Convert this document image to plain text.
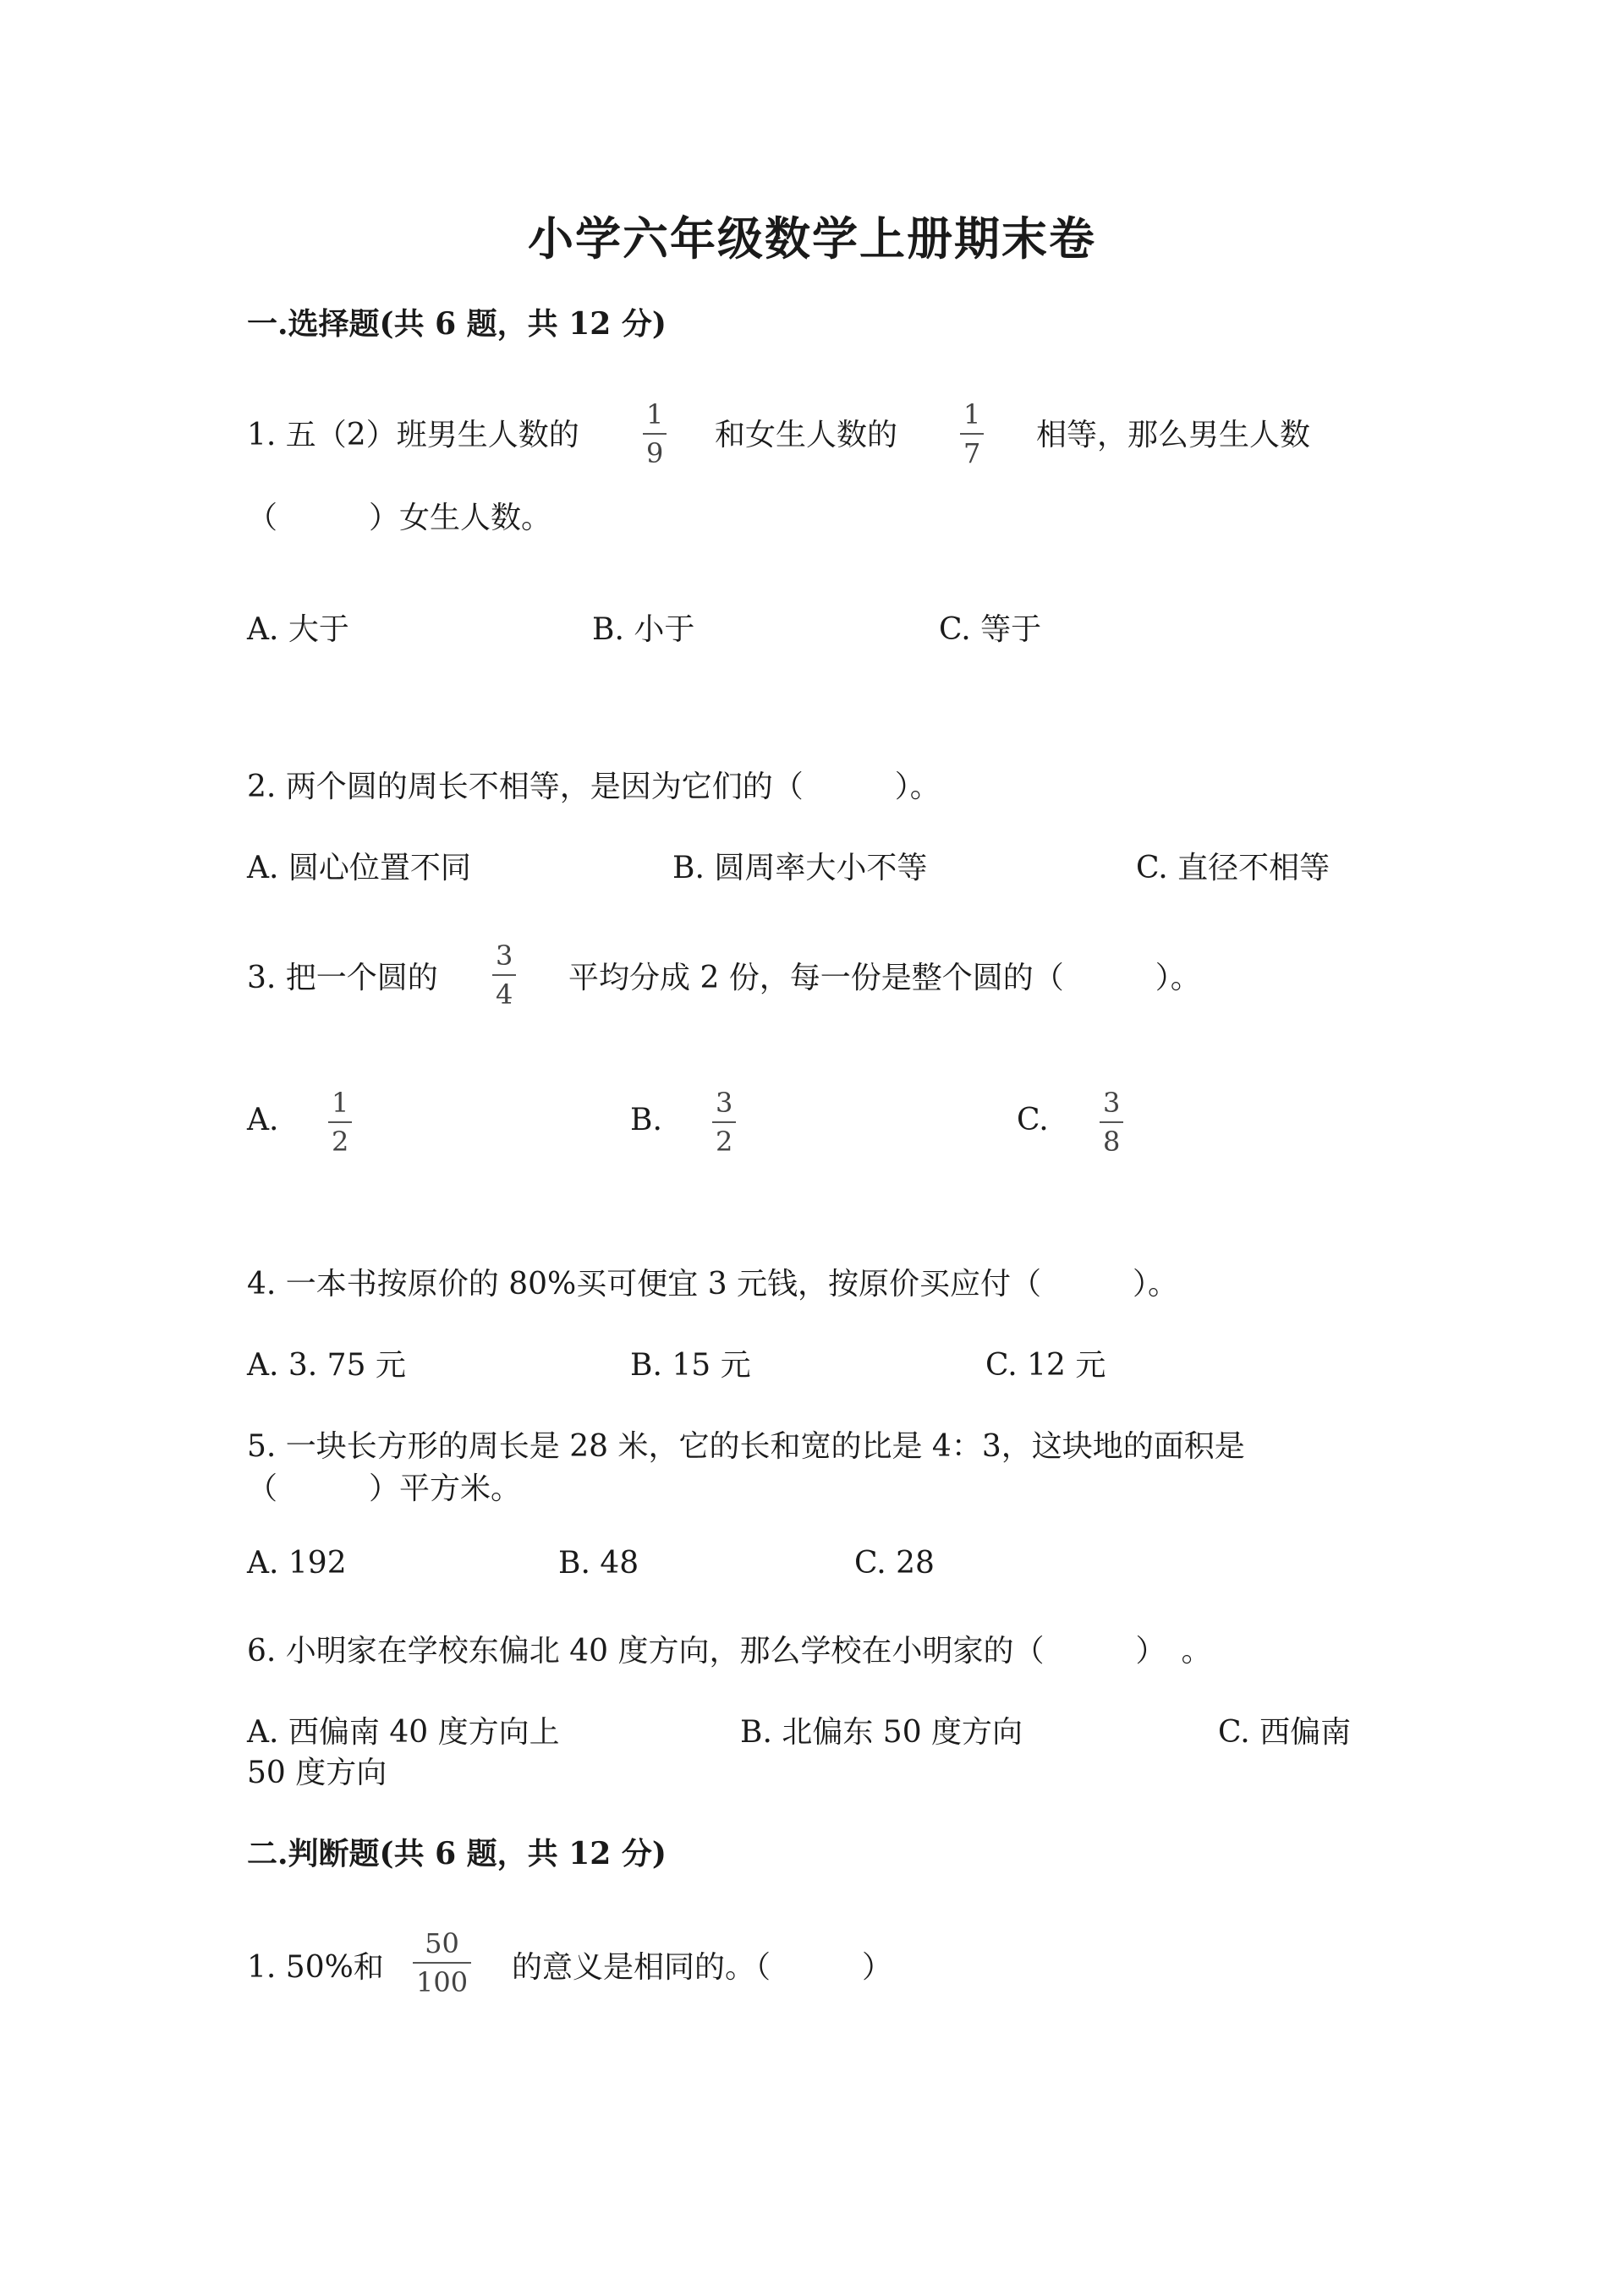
小学六年级数学上册期末卷
一.选择题(共 6 题，共 12 分)
1. 五（2）班男生人数的
1
9
和女生人数的
1
7
相等，那么男生人数
（　　　）女生人数。
A. 大于	B. 小于	C. 等于
2. 两个圆的周长不相等，是因为它们的（　　　）。
A. 圆心位置不同	B. 圆周率大小不等	C. 直径不相等
3. 把一个圆的
3
4 平均分成 2 份，每一份是整个圆的（　　　）。
A. 1
2
B. 3
2
C. 3
8
4. 一本书按原价的 80%买可便宜 3 元钱，按原价买应付（　　　）。
A. 3. 75 元	B. 15 元	C. 12 元
5. 一块长方形的周长是 28 米，它的长和宽的比是 4：3，这块地的面积是
（　　　）平方米。
A. 192	B. 48	C. 28
6. 小明家在学校东偏北 40 度方向，那么学校在小明家的（　　　）　。
A. 西偏南 40 度方向上	B. 北偏东 50 度方向	C. 西偏南
50 度方向
二.判断题(共 6 题，共 12 分)
1. 50%和
50
100 的意义是相同的。（　　　）
